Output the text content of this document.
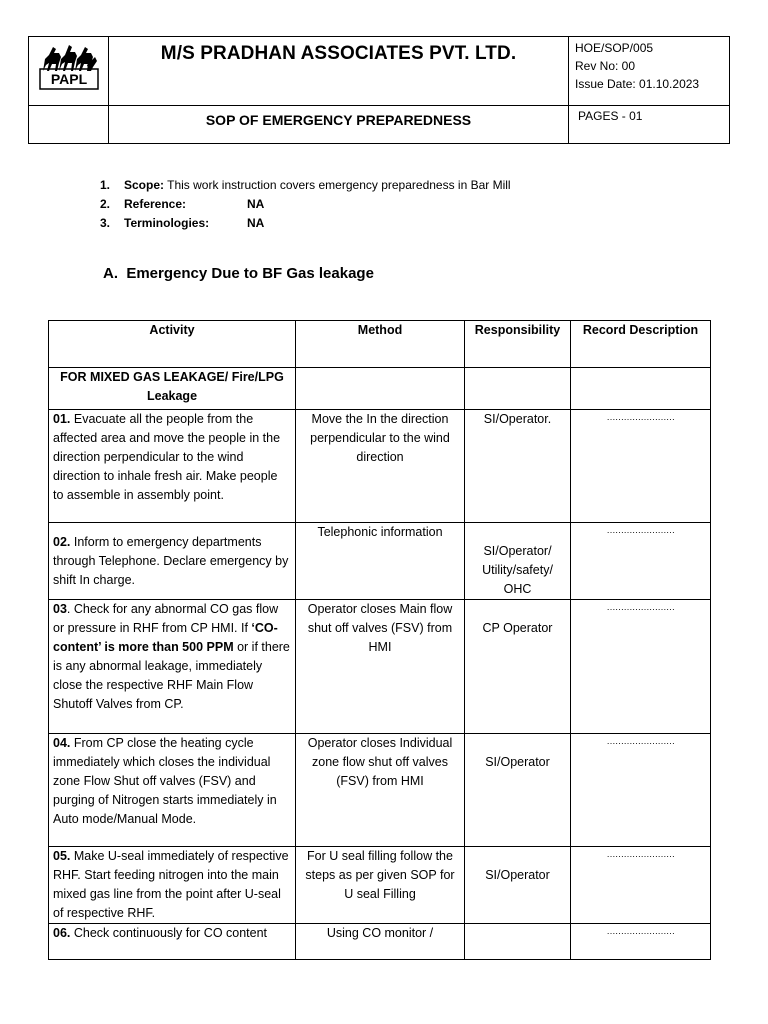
PAPL	M/S PRADHAN ASSOCIATES PVT. LTD.	HOE/SOP/005
Rev No: 00
Issue Date: 01.10.2023

	SOP OF EMERGENCY PREPAREDNESS	PAGES - 01
1.	Scope: This work instruction covers emergency preparedness in Bar Mill
2.	Reference:	NA
3.	Terminologies:	NA
A.  Emergency Due to BF Gas leakage
Activity	Method	Responsibility	Record Description
FOR MIXED GAS LEAKAGE/ Fire/LPG Leakage			
01. Evacuate all the people from the affected area and move the people in the direction perpendicular to the wind direction to inhale fresh air. Make people to assemble in assembly point.	Move the In the direction perpendicular to the wind direction	SI/Operator.	……………………
02. Inform to emergency departments through Telephone. Declare emergency by shift In charge.	Telephonic information	SI/Operator/ Utility/safety/ OHC	……………………
03. Check for any abnormal CO gas flow or pressure in RHF from CP HMI. If ‘CO- content’ is more than 500 PPM or if there is any abnormal leakage, immediately close the respective RHF Main Flow Shutoff Valves from CP.	Operator closes Main flow shut off valves (FSV) from HMI	CP Operator	……………………
04. From CP close the heating cycle immediately which closes the individual zone Flow Shut off valves (FSV) and purging of Nitrogen starts immediately in Auto mode/Manual Mode.	Operator closes Individual zone flow shut off valves (FSV) from HMI	SI/Operator	……………………
05. Make U-seal immediately of respective RHF. Start feeding nitrogen into the main mixed gas line from the point after U-seal of respective RHF.	For U seal filling follow the steps as per given SOP for U seal Filling	SI/Operator	……………………
06. Check continuously for CO content	Using CO monitor /		……………………
